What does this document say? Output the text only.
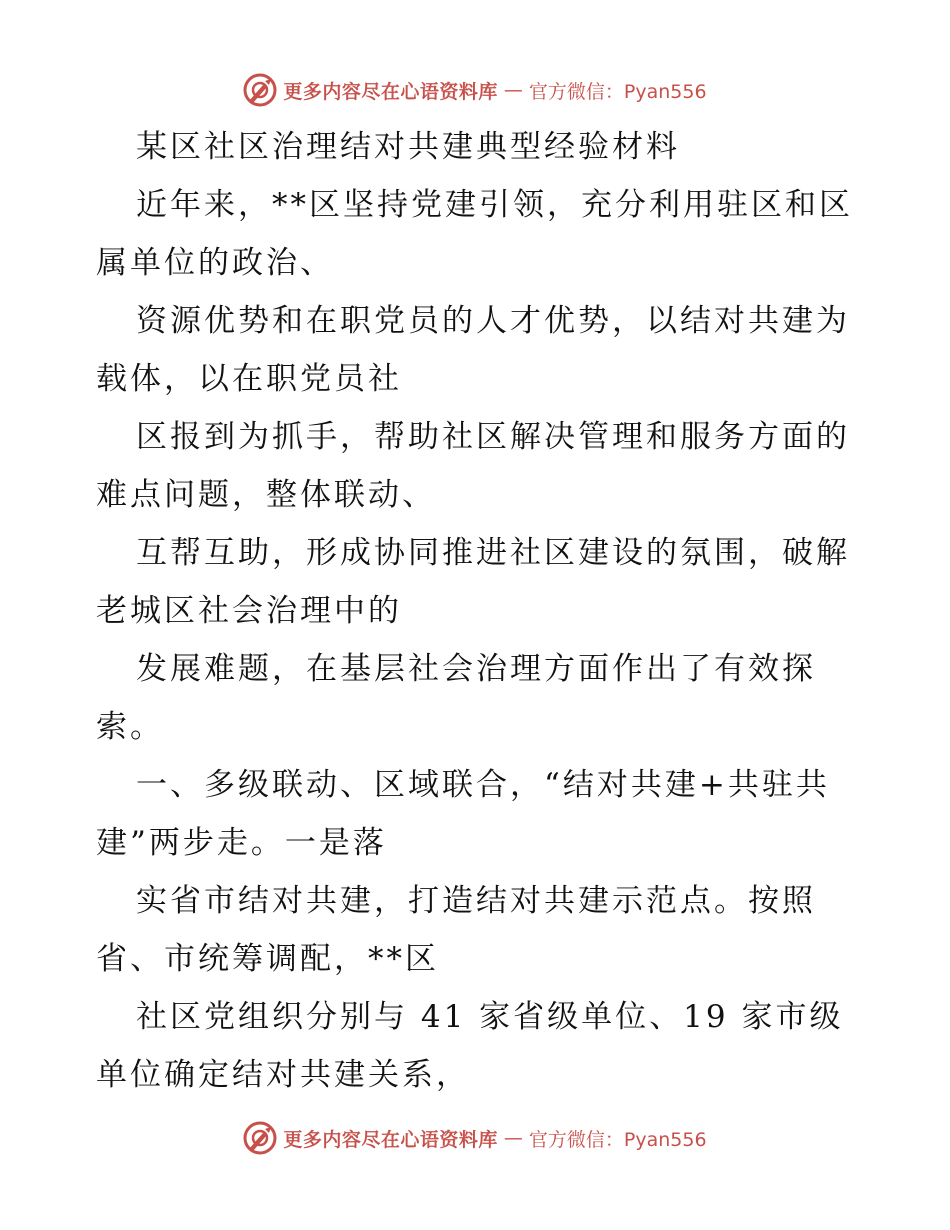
更多内容尽在心语资料库 — 官方微信：Pyan556
某区社区治理结对共建典型经验材料
近年来，**区坚持党建引领，充分利用驻区和区
属单位的政治、
资源优势和在职党员的人才优势，以结对共建为
载体，以在职党员社
区报到为抓手，帮助社区解决管理和服务方面的
难点问题，整体联动、
互帮互助，形成协同推进社区建设的氛围，破解
老城区社会治理中的
发展难题，在基层社会治理方面作出了有效探
索。
一、多级联动、区域联合，“结对共建+共驻共
建”两步走。一是落
实省市结对共建，打造结对共建示范点。按照
省、市统筹调配，**区
社区党组织分别与 41 家省级单位、19 家市级
单位确定结对共建关系，
更多内容尽在心语资料库 — 官方微信：Pyan556
